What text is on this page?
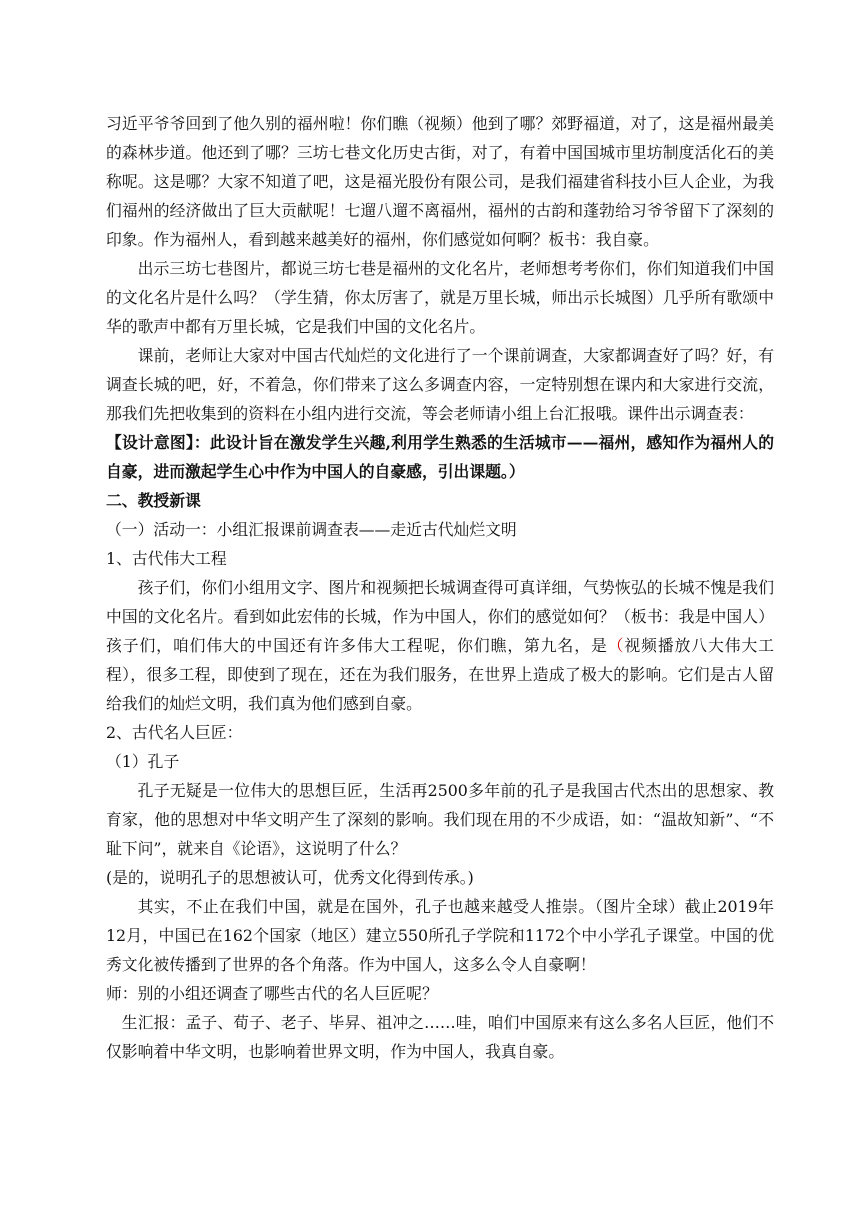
习近平爷爷回到了他久别的福州啦！你们瞧（视频）他到了哪？郊野福道，对了，这是福州最美的森林步道。他还到了哪？三坊七巷文化历史古街，对了，有着中国国城市里坊制度活化石的美称呢。这是哪？大家不知道了吧，这是福光股份有限公司，是我们福建省科技小巨人企业，为我们福州的经济做出了巨大贡献呢！七遛八遛不离福州，福州的古韵和蓬勃给习爷爷留下了深刻的印象。作为福州人，看到越来越美好的福州，你们感觉如何啊？板书：我自豪。

出示三坊七巷图片，都说三坊七巷是福州的文化名片，老师想考考你们，你们知道我们中国的文化名片是什么吗？（学生猜，你太厉害了，就是万里长城，师出示长城图）几乎所有歌颂中华的歌声中都有万里长城，它是我们中国的文化名片。

课前，老师让大家对中国古代灿烂的文化进行了一个课前调查，大家都调查好了吗？好，有调查长城的吧，好，不着急，你们带来了这么多调查内容，一定特别想在课内和大家进行交流，那我们先把收集到的资料在小组内进行交流，等会老师请小组上台汇报哦。课件出示调查表：

【设计意图】：此设计旨在激发学生兴趣,利用学生熟悉的生活城市——福州，感知作为福州人的自豪，进而激起学生心中作为中国人的自豪感，引出课题。）

二、教授新课

（一）活动一：小组汇报课前调查表——走近古代灿烂文明

1、古代伟大工程

孩子们，你们小组用文字、图片和视频把长城调查得可真详细，气势恢弘的长城不愧是我们中国的文化名片。看到如此宏伟的长城，作为中国人，你们的感觉如何？（板书：我是中国人）孩子们，咱们伟大的中国还有许多伟大工程呢，你们瞧，第九名，是（视频播放八大伟大工程），很多工程，即使到了现在，还在为我们服务，在世界上造成了极大的影响。它们是古人留给我们的灿烂文明，我们真为他们感到自豪。

2、古代名人巨匠：

（1）孔子

孔子无疑是一位伟大的思想巨匠，生活再2500多年前的孔子是我国古代杰出的思想家、教育家，他的思想对中华文明产生了深刻的影响。我们现在用的不少成语，如：“温故知新”、“不耻下问”，就来自《论语》，这说明了什么？

(是的，说明孔子的思想被认可，优秀文化得到传承。)

其实，不止在我们中国，就是在国外，孔子也越来越受人推崇。（图片全球）截止2019年12月，中国已在162个国家（地区）建立550所孔子学院和1172个中小学孔子课堂。中国的优秀文化被传播到了世界的各个角落。作为中国人，这多么令人自豪啊！

师：别的小组还调查了哪些古代的名人巨匠呢？

生汇报：孟子、荀子、老子、毕昇、祖冲之……哇，咱们中国原来有这么多名人巨匠，他们不仅影响着中华文明，也影响着世界文明，作为中国人，我真自豪。
